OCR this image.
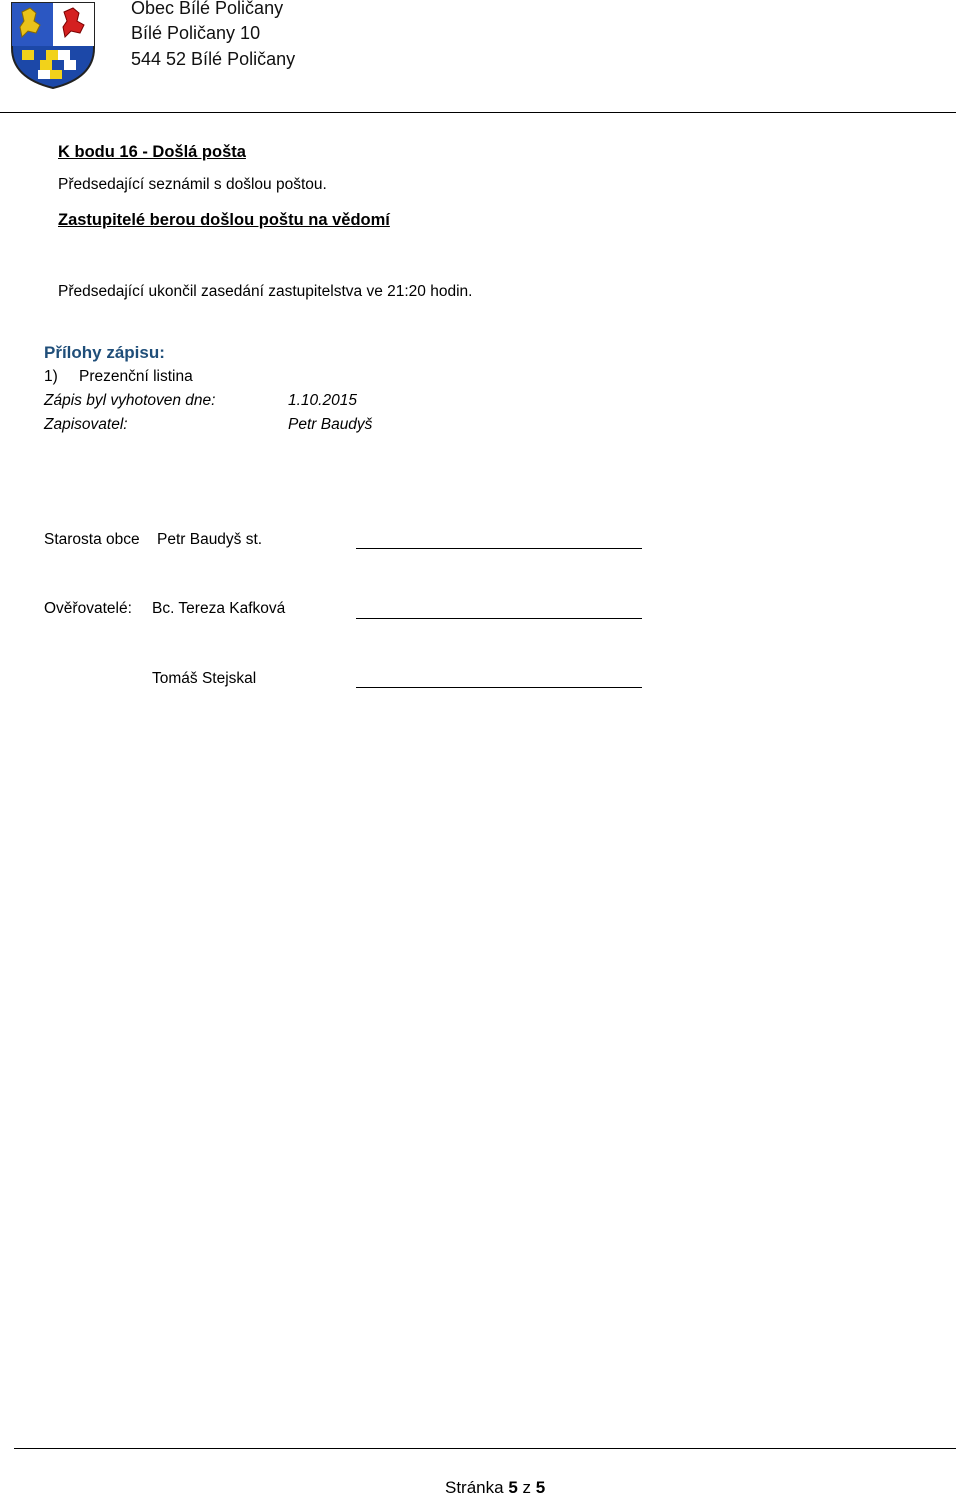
Obec Bílé Poličany
Bílé Poličany 10
544 52 Bílé Poličany
K bodu 16 - Došlá pošta
Předsedající seznámil s došlou poštou.
Zastupitelé berou došlou poštu na vědomí
Předsedající ukončil zasedání zastupitelstva ve 21:20 hodin.
Přílohy zápisu:
1) Prezenční listina
Zápis byl vyhotoven dne:	1.10.2015
Zapisovatel:	Petr Baudyš
Starosta obce Petr Baudyš st.
Ověřovatelé: Bc. Tereza Kafková
Tomáš Stejskal
Stránka 5 z 5
